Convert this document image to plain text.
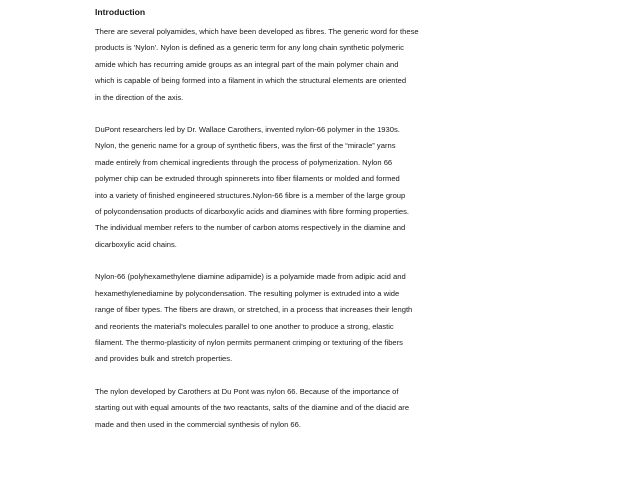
Introduction
There are several polyamides, which have been developed as fibres. The generic word for these
products is 'Nylon'. Nylon is defined as a generic term for any long chain synthetic polymeric
amide which has recurring amide groups as an integral part of the main polymer chain and
which is capable of being formed into a filament in which the structural elements are oriented
in the direction of the axis.
DuPont researchers led by Dr. Wallace Carothers, invented nylon-66 polymer in the 1930s.
Nylon, the generic name for a group of synthetic fibers, was the first of the “miracle” yarns
made entirely from chemical ingredients through the process of polymerization. Nylon 66
polymer chip can be extruded through spinnerets into fiber filaments or molded and formed
into a variety of finished engineered structures.Nylon-66 fibre is a member of the large group
of polycondensation products of dicarboxylic acids and diamines with fibre forming properties.
The individual member refers to the number of carbon atoms respectively in the diamine and
dicarboxylic acid chains.
Nylon-66 (polyhexamethylene diamine adipamide) is a polyamide made from adipic acid and
hexamethylenediamine by polycondensation. The resulting polymer is extruded into a wide
range of fiber types. The fibers are drawn, or stretched, in a process that increases their length
and reorients the material’s molecules parallel to one another to produce a strong, elastic
filament. The thermo-plasticity of nylon permits permanent crimping or texturing of the fibers
and provides bulk and stretch properties.
The nylon developed by Carothers at Du Pont was nylon 66. Because of the importance of
starting out with equal amounts of the two reactants, salts of the diamine and of the diacid are
made and then used in the commercial synthesis of nylon 66.
